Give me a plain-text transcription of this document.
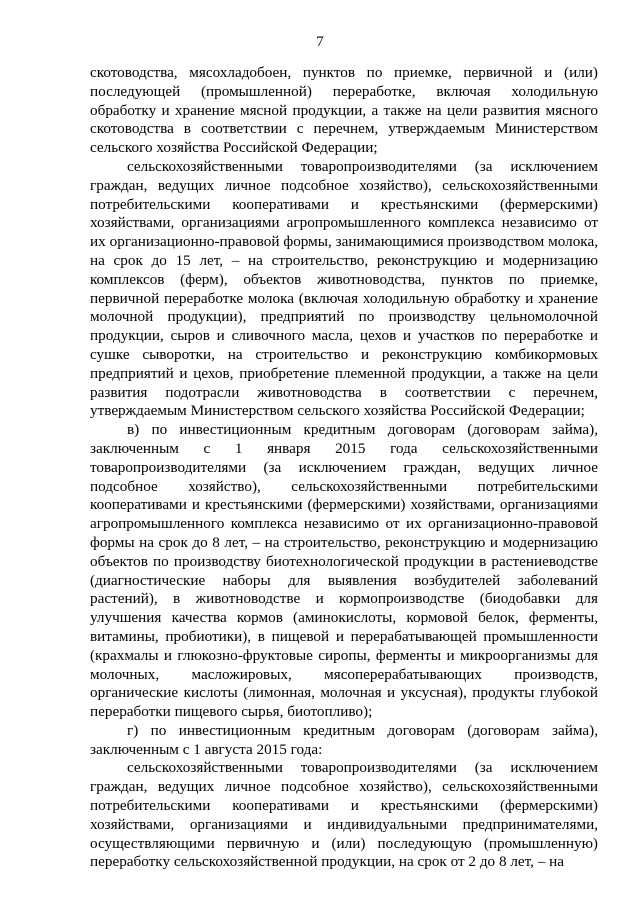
7

скотоводства, мясохладобоен, пунктов по приемке, первичной и (или) последующей (промышленной) переработке, включая холодильную обработку и хранение мясной продукции, а также на цели развития мясного скотоводства в соответствии с перечнем, утверждаемым Министерством сельского хозяйства Российской Федерации;

сельскохозяйственными товаропроизводителями (за исключением граждан, ведущих личное подсобное хозяйство), сельскохозяйственными потребительскими кооперативами и крестьянскими (фермерскими) хозяйствами, организациями агропромышленного комплекса независимо от их организационно-правовой формы, занимающимися производством молока, на срок до 15 лет, – на строительство, реконструкцию и модернизацию комплексов (ферм), объектов животноводства, пунктов по приемке, первичной переработке молока (включая холодильную обработку и хранение молочной продукции), предприятий по производству цельномолочной продукции, сыров и сливочного масла, цехов и участков по переработке и сушке сыворотки, на строительство и реконструкцию комбикормовых предприятий и цехов, приобретение племенной продукции, а также на цели развития подотрасли животноводства в соответствии с перечнем, утверждаемым Министерством сельского хозяйства Российской Федерации;

в) по инвестиционным кредитным договорам (договорам займа), заключенным с 1 января 2015 года сельскохозяйственными товаропроизводителями (за исключением граждан, ведущих личное подсобное хозяйство), сельскохозяйственными потребительскими кооперативами и крестьянскими (фермерскими) хозяйствами, организациями агропромышленного комплекса независимо от их организационно-правовой формы на срок до 8 лет, – на строительство, реконструкцию и модернизацию объектов по производству биотехнологической продукции в растениеводстве (диагностические наборы для выявления возбудителей заболеваний растений), в животноводстве и кормопроизводстве (биодобавки для улучшения качества кормов (аминокислоты, кормовой белок, ферменты, витамины, пробиотики), в пищевой и перерабатывающей промышленности (крахмалы и глюкозно-фруктовые сиропы, ферменты и микроорганизмы для молочных, масложировых, мясоперерабатывающих производств, органические кислоты (лимонная, молочная и уксусная), продукты глубокой переработки пищевого сырья, биотопливо);

г) по инвестиционным кредитным договорам (договорам займа), заключенным с 1 августа 2015 года:

сельскохозяйственными товаропроизводителями (за исключением граждан, ведущих личное подсобное хозяйство), сельскохозяйственными потребительскими кооперативами и крестьянскими (фермерскими) хозяйствами, организациями и индивидуальными предпринимателями, осуществляющими первичную и (или) последующую (промышленную) переработку сельскохозяйственной продукции, на срок от 2 до 8 лет, – на
